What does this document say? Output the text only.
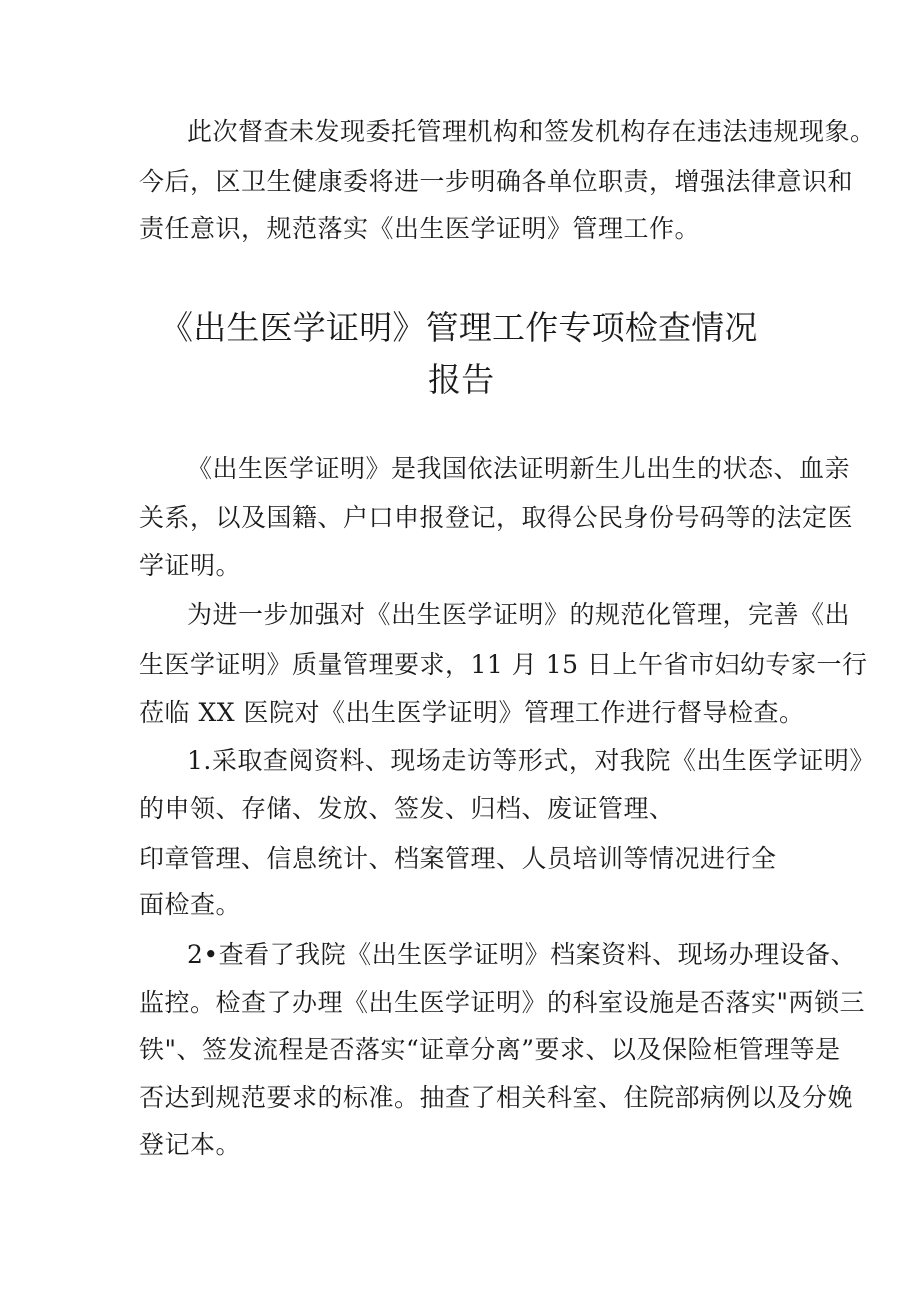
此次督查未发现委托管理机构和签发机构存在违法违规现象。
今后，区卫生健康委将进一步明确各单位职责，增强法律意识和
责任意识，规范落实《出生医学证明》管理工作。
《出生医学证明》管理工作专项检查情况
报告
《出生医学证明》是我国依法证明新生儿出生的状态、血亲
关系，以及国籍、户口申报登记，取得公民身份号码等的法定医
学证明。
为进一步加强对《出生医学证明》的规范化管理，完善《出
生医学证明》质量管理要求，11 月 15 日上午省市妇幼专家一行
莅临 XX 医院对《出生医学证明》管理工作进行督导检查。
1.采取查阅资料、现场走访等形式，对我院《出生医学证明》
的申领、存储、发放、签发、归档、废证管理、
印章管理、信息统计、档案管理、人员培训等情况进行全
面检查。
2•查看了我院《出生医学证明》档案资料、现场办理设备、
监控。检查了办理《出生医学证明》的科室设施是否落实"两锁三
铁"、签发流程是否落实“证章分离”要求、以及保险柜管理等是
否达到规范要求的标准。抽查了相关科室、住院部病例以及分娩
登记本。
